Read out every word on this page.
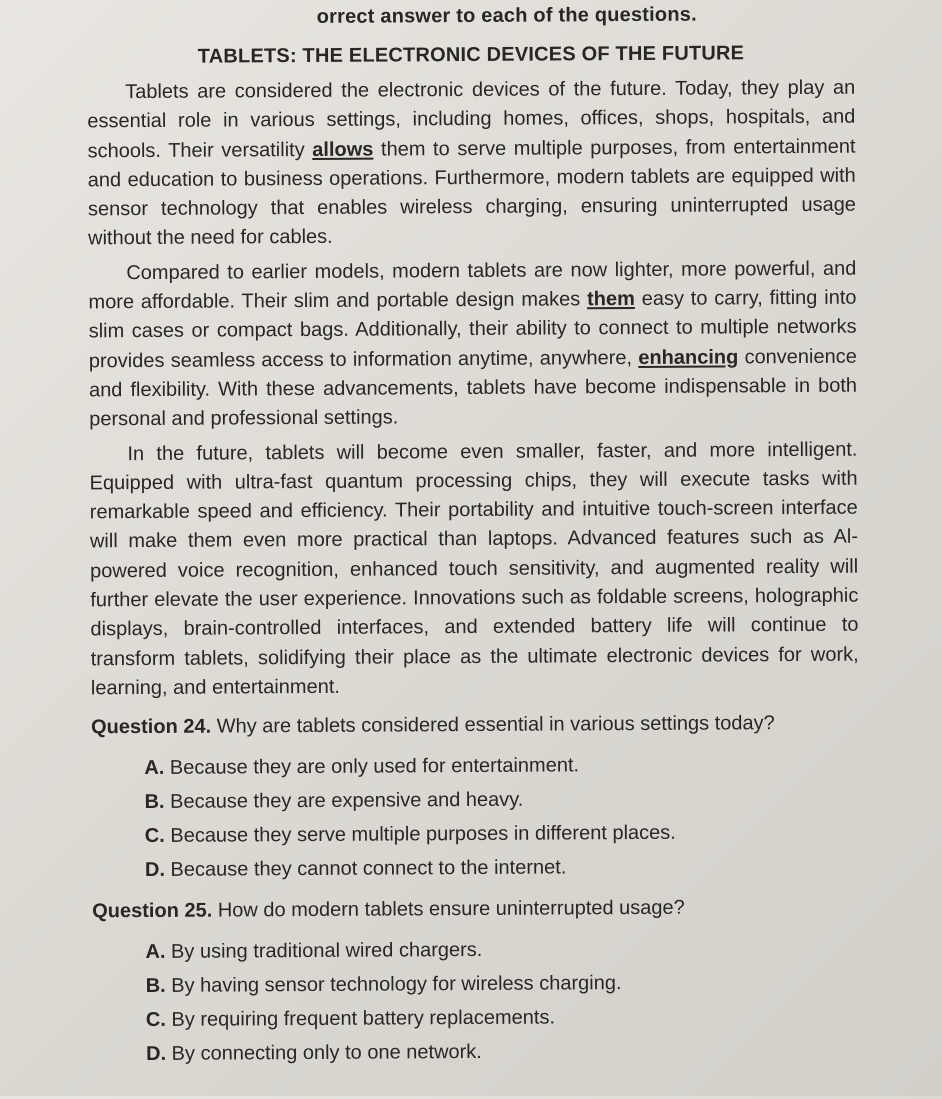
orrect answer to each of the questions.
TABLETS: THE ELECTRONIC DEVICES OF THE FUTURE

Tablets are considered the electronic devices of the future. Today, they play an essential role in various settings, including homes, offices, shops, hospitals, and schools. Their versatility allows them to serve multiple purposes, from entertainment and education to business operations. Furthermore, modern tablets are equipped with sensor technology that enables wireless charging, ensuring uninterrupted usage without the need for cables.

Compared to earlier models, modern tablets are now lighter, more powerful, and more affordable. Their slim and portable design makes them easy to carry, fitting into slim cases or compact bags. Additionally, their ability to connect to multiple networks provides seamless access to information anytime, anywhere, enhancing convenience and flexibility. With these advancements, tablets have become indispensable in both personal and professional settings.

In the future, tablets will become even smaller, faster, and more intelligent. Equipped with ultra-fast quantum processing chips, they will execute tasks with remarkable speed and efficiency. Their portability and intuitive touch-screen interface will make them even more practical than laptops. Advanced features such as Al-powered voice recognition, enhanced touch sensitivity, and augmented reality will further elevate the user experience. Innovations such as foldable screens, holographic displays, brain-controlled interfaces, and extended battery life will continue to transform tablets, solidifying their place as the ultimate electronic devices for work, learning, and entertainment.

Question 24. Why are tablets considered essential in various settings today?
A. Because they are only used for entertainment.
B. Because they are expensive and heavy.
C. Because they serve multiple purposes in different places.
D. Because they cannot connect to the internet.
Question 25. How do modern tablets ensure uninterrupted usage?
A. By using traditional wired chargers.
B. By having sensor technology for wireless charging.
C. By requiring frequent battery replacements.
D. By connecting only to one network.
